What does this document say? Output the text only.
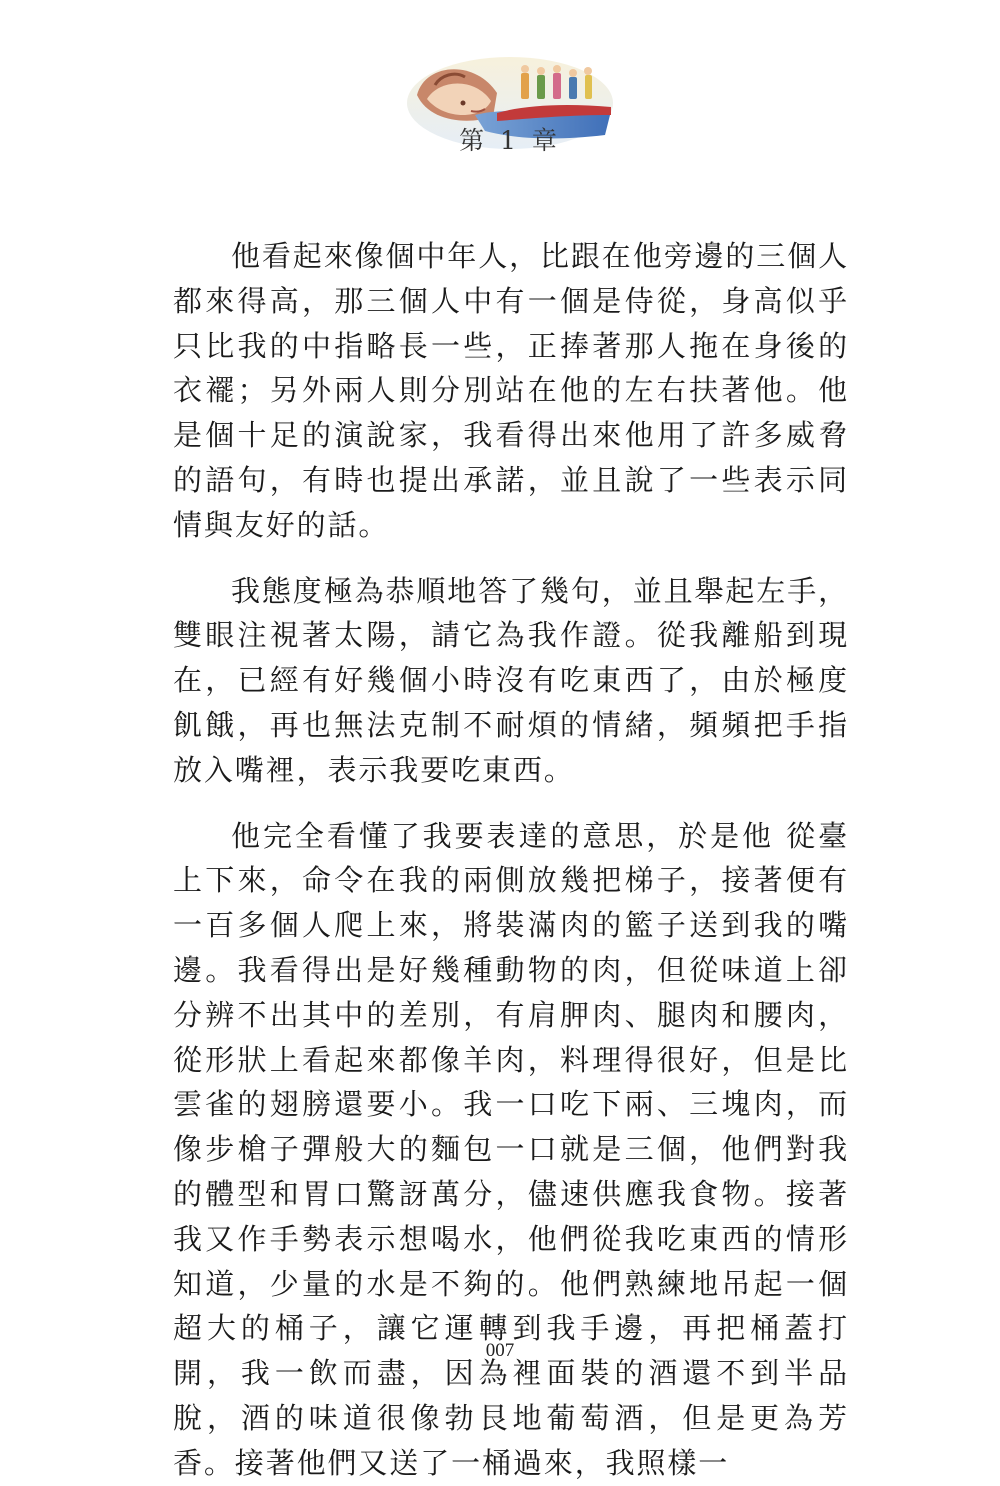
第 1 章

他看起來像個中年人，比跟在他旁邊的三個人都來得高，那三個人中有一個是侍從，身高似乎只比我的中指略長一些，正捧著那人拖在身後的衣襬；另外兩人則分別站在他的左右扶著他。他是個十足的演說家，我看得出來他用了許多威脅的語句，有時也提出承諾，並且說了一些表示同情與友好的話。

我態度極為恭順地答了幾句，並且舉起左手，雙眼注視著太陽，請它為我作證。從我離船到現在，已經有好幾個小時沒有吃東西了，由於極度飢餓，再也無法克制不耐煩的情緒，頻頻把手指放入嘴裡，表示我要吃東西。

他完全看懂了我要表達的意思，於是他 從臺上下來，命令在我的兩側放幾把梯子，接著便有一百多個人爬上來，將裝滿肉的籃子送到我的嘴邊。我看得出是好幾種動物的肉，但從味道上卻分辨不出其中的差別，有肩胛肉、腿肉和腰肉，從形狀上看起來都像羊肉，料理得很好，但是比雲雀的翅膀還要小。我一口吃下兩、三塊肉，而像步槍子彈般大的麵包一口就是三個，他們對我的體型和胃口驚訝萬分，儘速供應我食物。接著我又作手勢表示想喝水，他們從我吃東西的情形知道，少量的水是不夠的。他們熟練地吊起一個超大的桶子，讓它運轉到我手邊，再把桶蓋打開，我一飲而盡，因為裡面裝的酒還不到半品脫，酒的味道很像勃艮地葡萄酒，但是更為芳香。接著他們又送了一桶過來，我照樣一

007
